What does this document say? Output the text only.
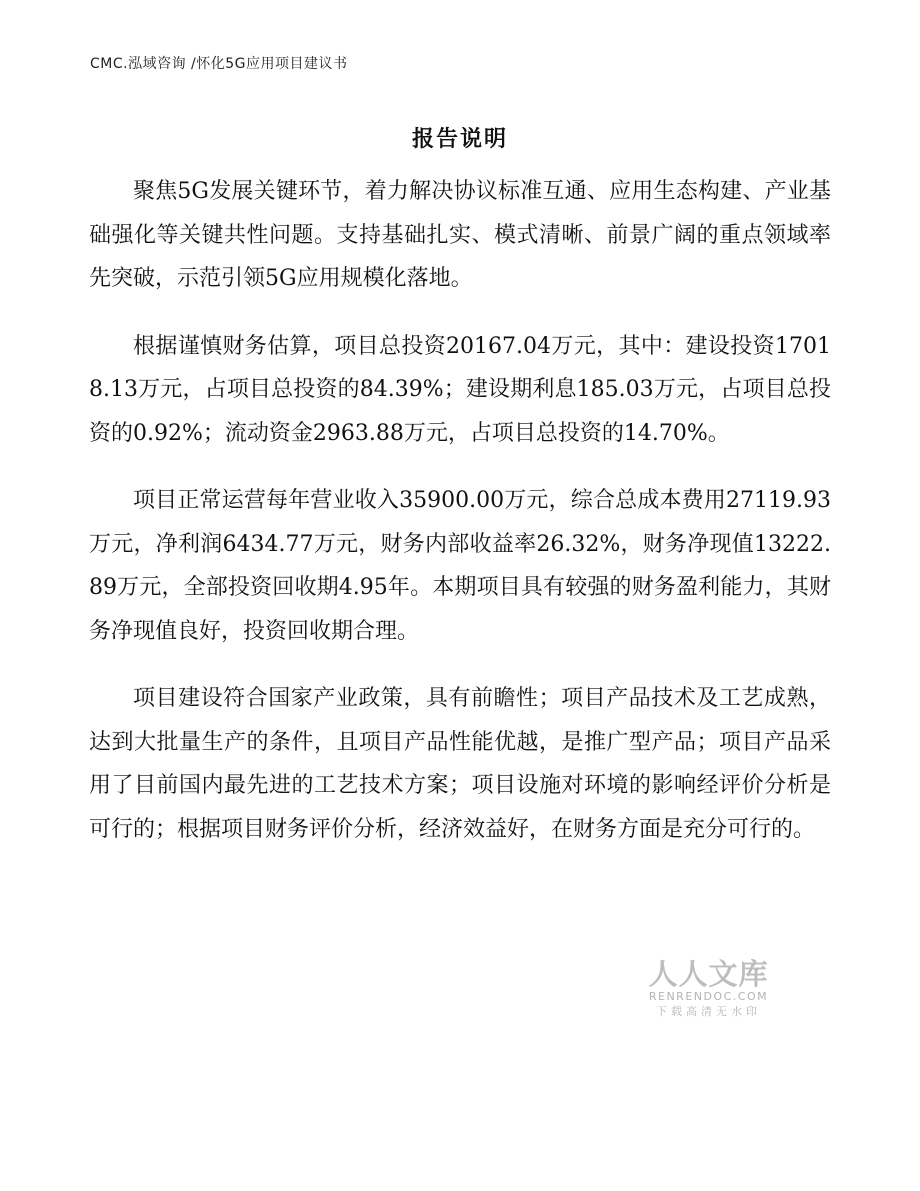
CMC.泓域咨询 /怀化5G应用项目建议书
报告说明

聚焦5G发展关键环节，着力解决协议标准互通、应用生态构建、产业基础强化等关键共性问题。支持基础扎实、模式清晰、前景广阔的重点领域率先突破，示范引领5G应用规模化落地。

根据谨慎财务估算，项目总投资20167.04万元，其中：建设投资17018.13万元，占项目总投资的84.39%；建设期利息185.03万元，占项目总投资的0.92%；流动资金2963.88万元，占项目总投资的14.70%。

项目正常运营每年营业收入35900.00万元，综合总成本费用27119.93万元，净利润6434.77万元，财务内部收益率26.32%，财务净现值13222.89万元，全部投资回收期4.95年。本期项目具有较强的财务盈利能力，其财务净现值良好，投资回收期合理。

项目建设符合国家产业政策，具有前瞻性；项目产品技术及工艺成熟，达到大批量生产的条件，且项目产品性能优越，是推广型产品；项目产品采用了目前国内最先进的工艺技术方案；项目设施对环境的影响经评价分析是可行的；根据项目财务评价分析，经济效益好，在财务方面是充分可行的。

人人文库
RENRENDOC.COM
下载高清无水印
